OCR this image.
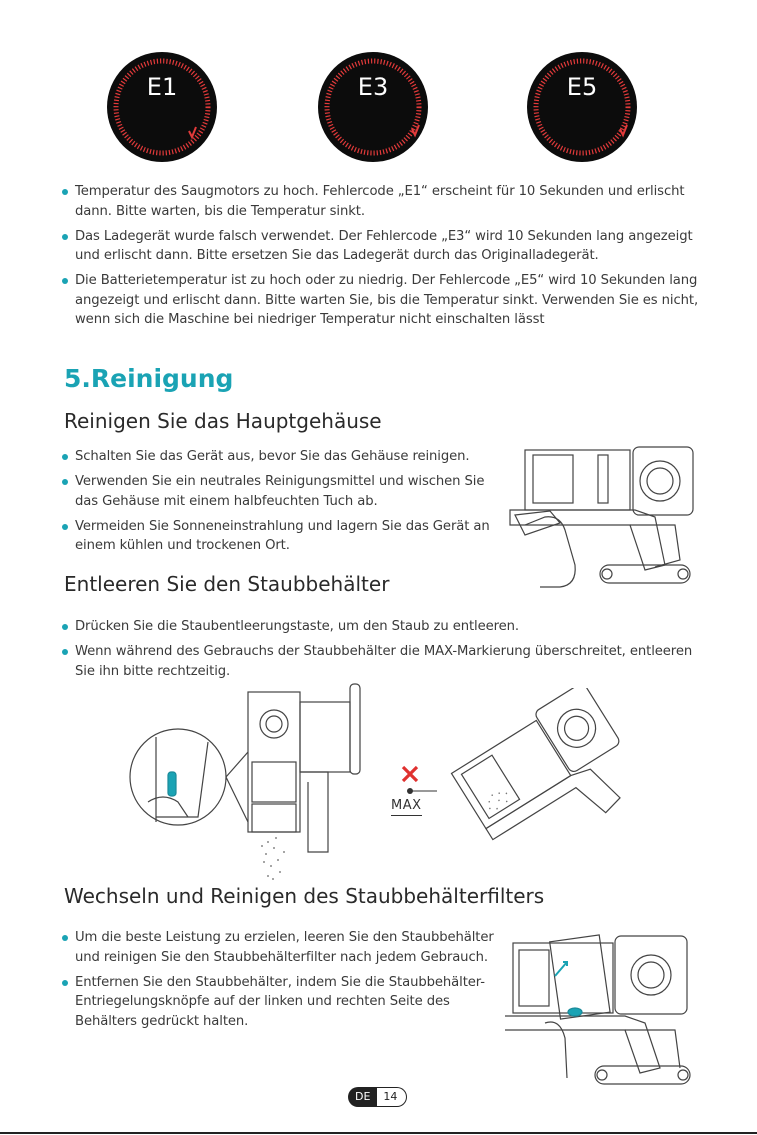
E1	E3	E5
Temperatur des Saugmotors zu hoch. Fehlercode „E1“ erscheint für 10 Sekunden und erlischt dann. Bitte warten, bis die Temperatur sinkt.
Das Ladegerät wurde falsch verwendet. Der Fehlercode „E3“ wird 10 Sekunden lang angezeigt und erlischt dann. Bitte ersetzen Sie das Ladegerät durch das Originalladegerät.
Die Batterietemperatur ist zu hoch oder zu niedrig. Der Fehlercode „E5“ wird 10 Sekunden lang angezeigt und erlischt dann. Bitte warten Sie, bis die Temperatur sinkt. Verwenden Sie es nicht, wenn sich die Maschine bei niedriger Temperatur nicht einschalten lässt
5.Reinigung
Reinigen Sie das Hauptgehäuse
Schalten Sie das Gerät aus, bevor Sie das Gehäuse reinigen.
Verwenden Sie ein neutrales Reinigungsmittel und wischen Sie das Gehäuse mit einem halbfeuchten Tuch ab.
Vermeiden Sie Sonneneinstrahlung und lagern Sie das Gerät an einem kühlen und trockenen Ort.
Entleeren Sie den Staubbehälter
Drücken Sie die Staubentleerungstaste, um den Staub zu entleeren.
Wenn während des Gebrauchs der Staubbehälter die MAX-Markierung überschreitet, entleeren Sie ihn bitte rechtzeitig.
MAX
Wechseln und Reinigen des Staubbehälterfilters
Um die beste Leistung zu erzielen, leeren Sie den Staubbehälter und reinigen Sie den Staubbehälterfilter nach jedem Gebrauch.
Entfernen Sie den Staubbehälter, indem Sie die Staubbehälter-Entriegelungsknöpfe auf der linken und rechten Seite des Behälters gedrückt halten.
DE	14
